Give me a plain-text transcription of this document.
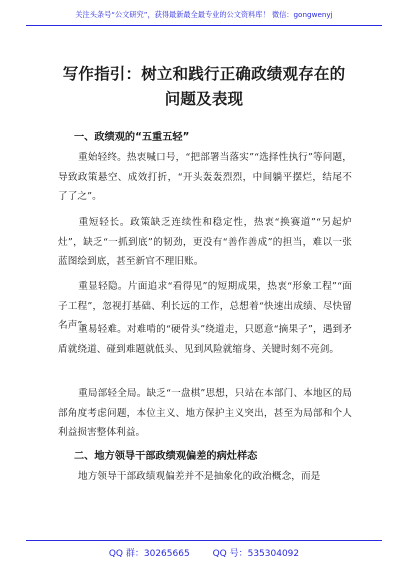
关注头条号“公文研究”，获得最新最全最专业的公文资料库！ 微信：gongwenyj
写作指引：树立和践行正确政绩观存在的
问题及表现
一、政绩观的“五重五轻”
重始轻终。热衷喊口号，“把部署当落实”“选择性执行”等问题，导致政策悬空、成效打折，“开头轰轰烈烈，中间躺平摆烂，结尾不了了之”。
重短轻长。政策缺乏连续性和稳定性，热衷“换赛道”“另起炉灶”，缺乏“一抓到底”的韧劲，更没有“善作善成”的担当，难以一张蓝图绘到底，甚至新官不理旧账。
重显轻隐。片面追求“看得见”的短期成果，热衷“形象工程”“面子工程”，忽视打基础、利长远的工作，总想着“快速出成绩、尽快留名声”。
重易轻难。对难啃的“硬骨头”绕道走，只愿意“摘果子”，遇到矛盾就绕道、碰到难题就低头、见到风险就缩身、关键时刻不亮剑。
重局部轻全局。缺乏“一盘棋”思想，只站在本部门、本地区的局部角度考虑问题，本位主义、地方保护主义突出，甚至为局部和个人利益损害整体利益。
二、地方领导干部政绩观偏差的病灶样态
地方领导干部政绩观偏差并不是抽象化的政治概念，而是
QQ 群：30265665	QQ 号：535304092
